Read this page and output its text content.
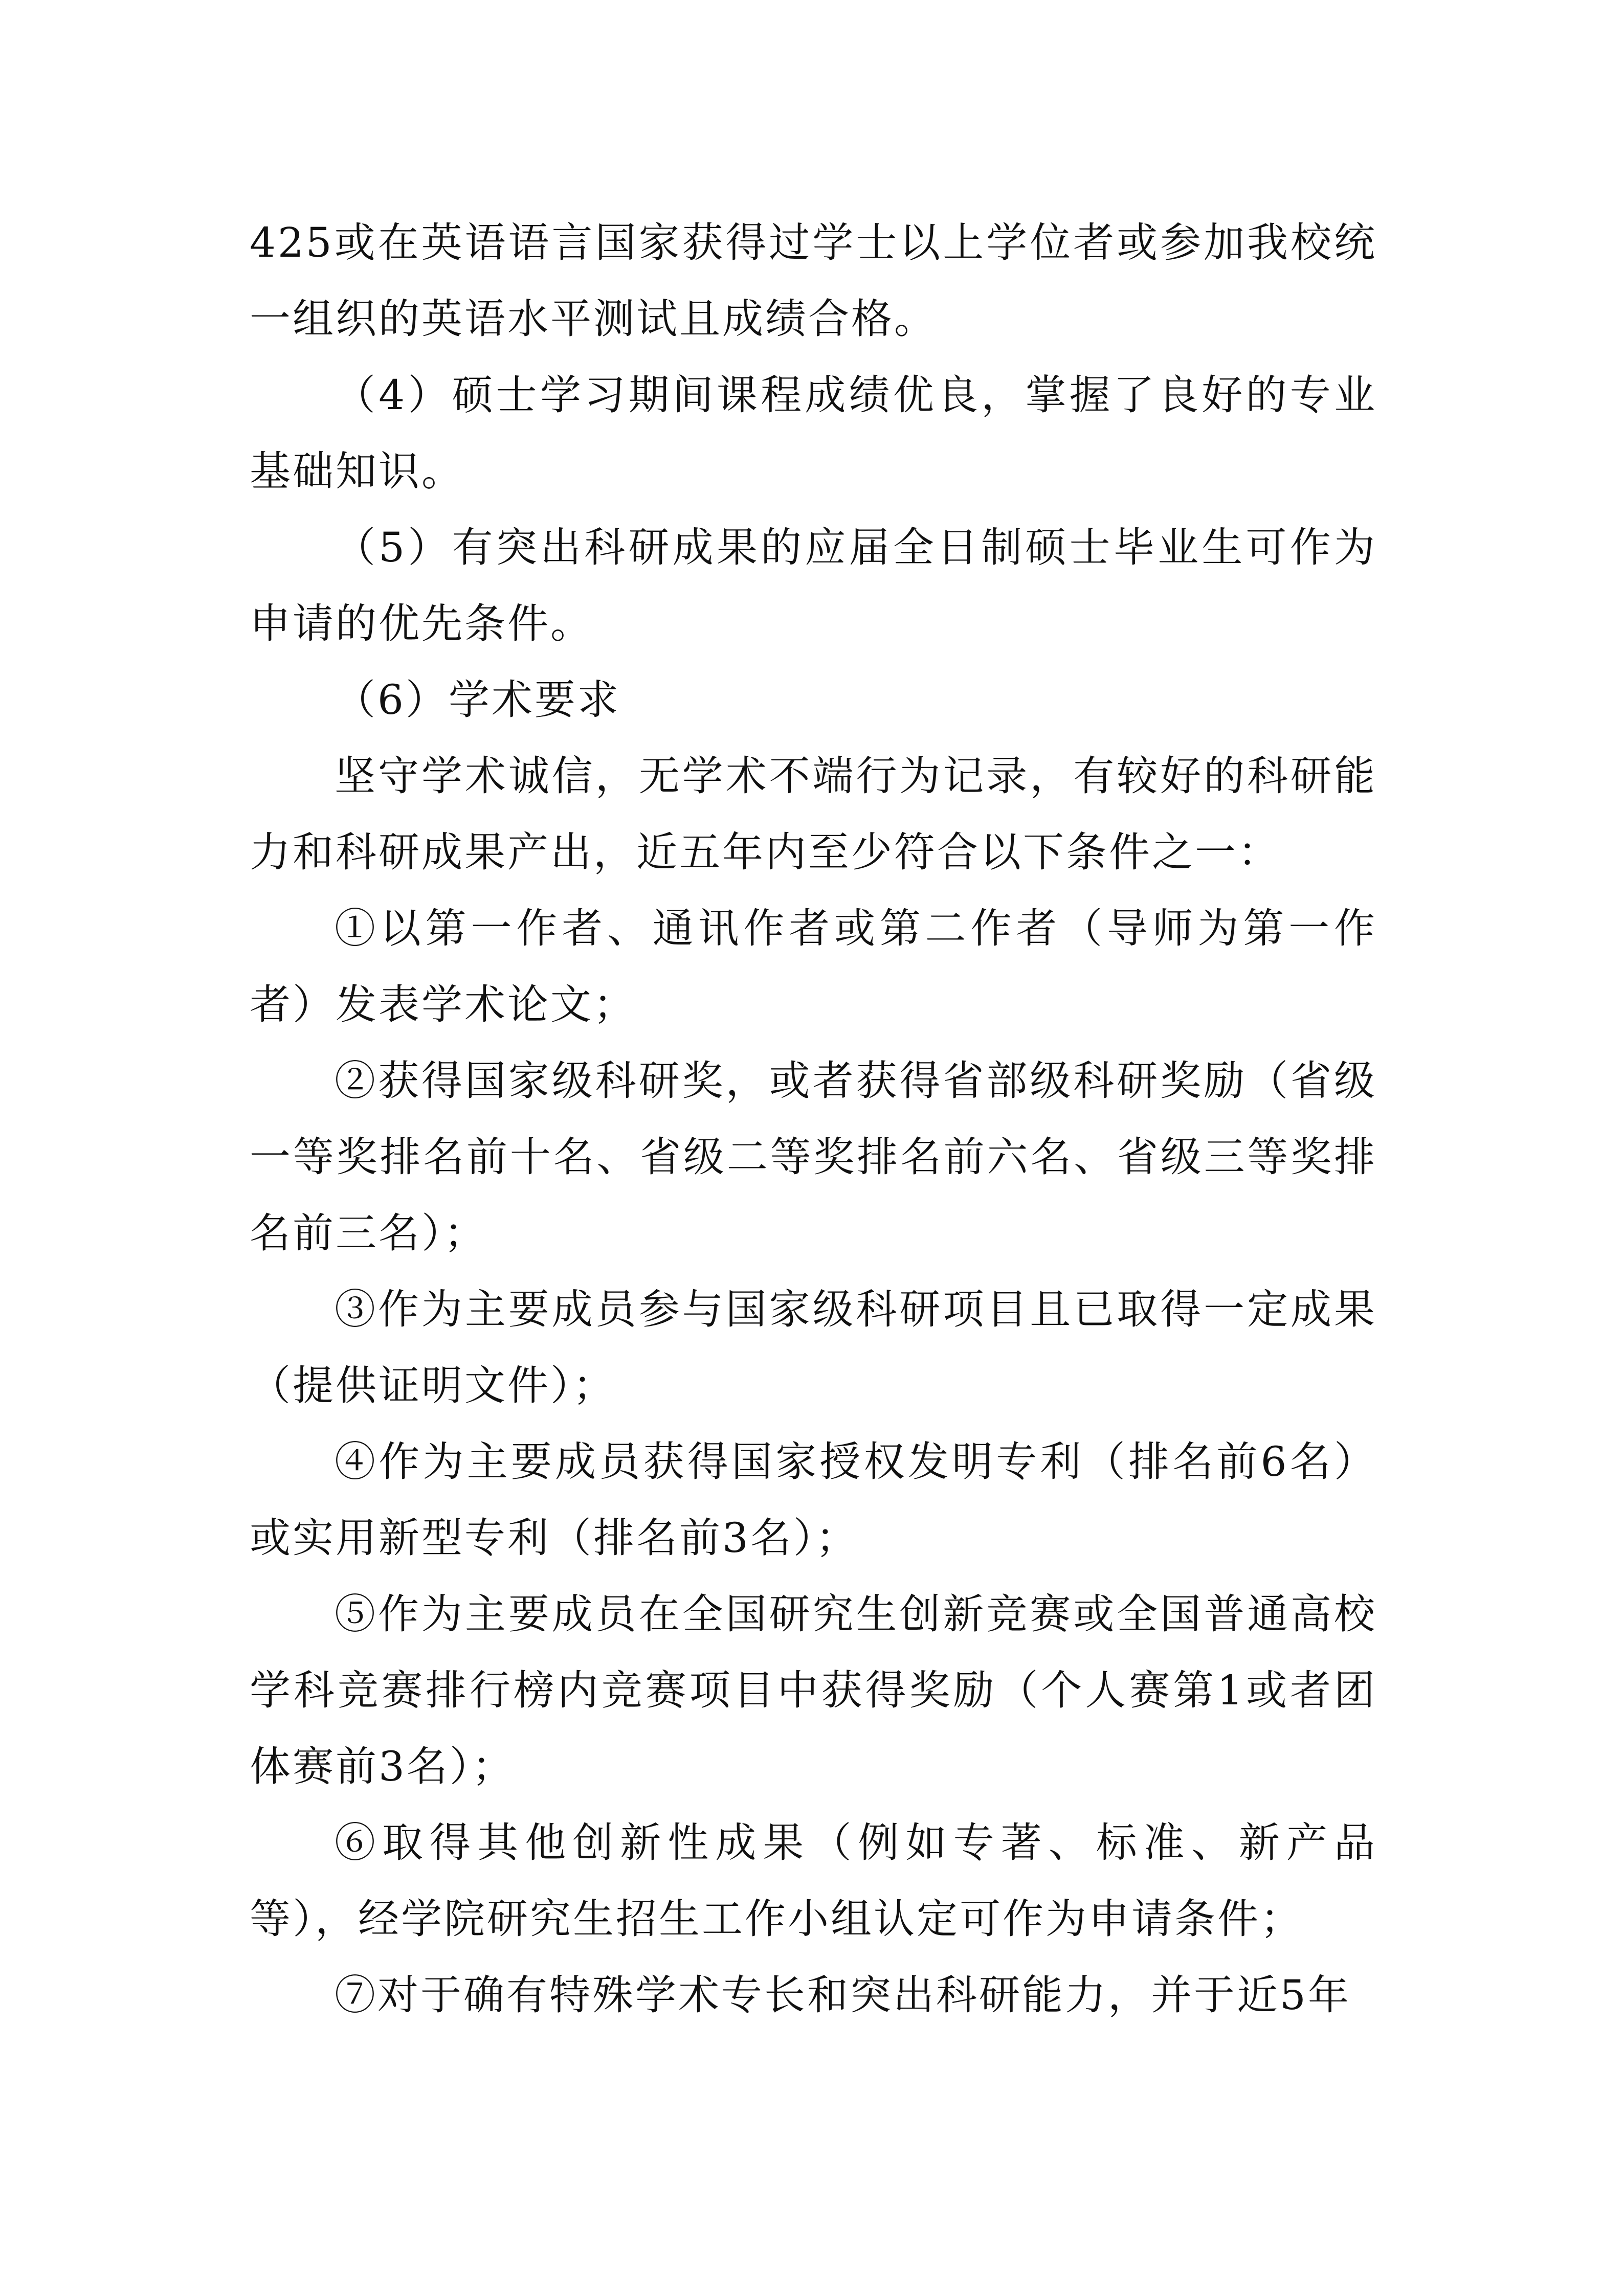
425或在英语语言国家获得过学士以上学位者或参加我校统一组织的英语水平测试且成绩合格。

（4）硕士学习期间课程成绩优良，掌握了良好的专业基础知识。

（5）有突出科研成果的应届全日制硕士毕业生可作为申请的优先条件。

（6）学术要求

坚守学术诚信，无学术不端行为记录，有较好的科研能力和科研成果产出，近五年内至少符合以下条件之一：

①以第一作者、通讯作者或第二作者（导师为第一作者）发表学术论文；

②获得国家级科研奖，或者获得省部级科研奖励（省级一等奖排名前十名、省级二等奖排名前六名、省级三等奖排名前三名）；

③作为主要成员参与国家级科研项目且已取得一定成果（提供证明文件）；

④作为主要成员获得国家授权发明专利（排名前6名）或实用新型专利（排名前3名）；

⑤作为主要成员在全国研究生创新竞赛或全国普通高校学科竞赛排行榜内竞赛项目中获得奖励（个人赛第1或者团体赛前3名）；

⑥取得其他创新性成果（例如专著、标准、新产品等），经学院研究生招生工作小组认定可作为申请条件；

⑦对于确有特殊学术专长和突出科研能力，并于近5年
